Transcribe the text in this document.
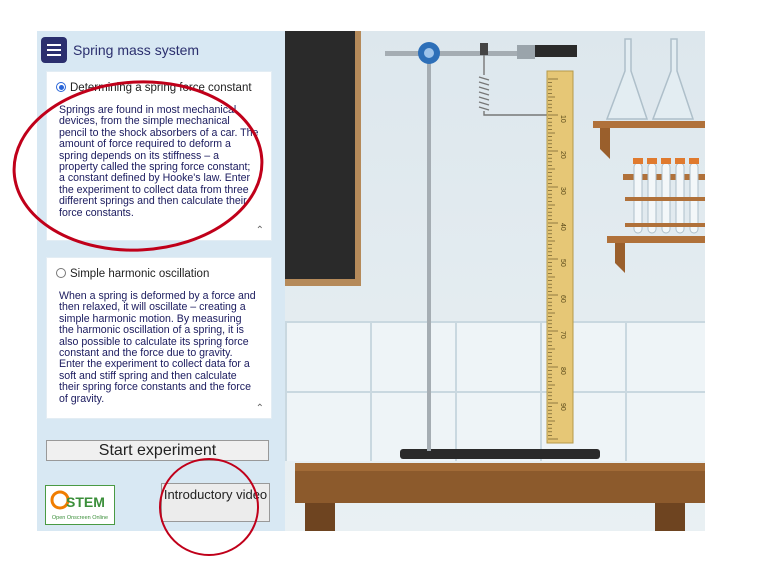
Spring mass system
Determining a spring force constant
Springs are found in most mechanical devices, from the simple mechanical pencil to the shock absorbers of a car. The amount of force required to deform a spring depends on its stiffness – a property called the spring force constant; a constant defined by Hooke's law. Enter the experiment to collect data from three different springs and then calculate their force constants.
⌃
Simple harmonic oscillation
When a spring is deformed by a force and then relaxed, it will oscillate – creating a simple harmonic motion. By measuring the harmonic oscillation of a spring, it is also possible to calculate its spring force constant and the force due to gravity. Enter the experiment to collect data for a soft and stiff spring and then calculate their spring force constants and the force of gravity.
⌃
Start experiment
STEM
Open Onscreen Online
Introductory video
10
20
30
40
50
60
70
80
90
